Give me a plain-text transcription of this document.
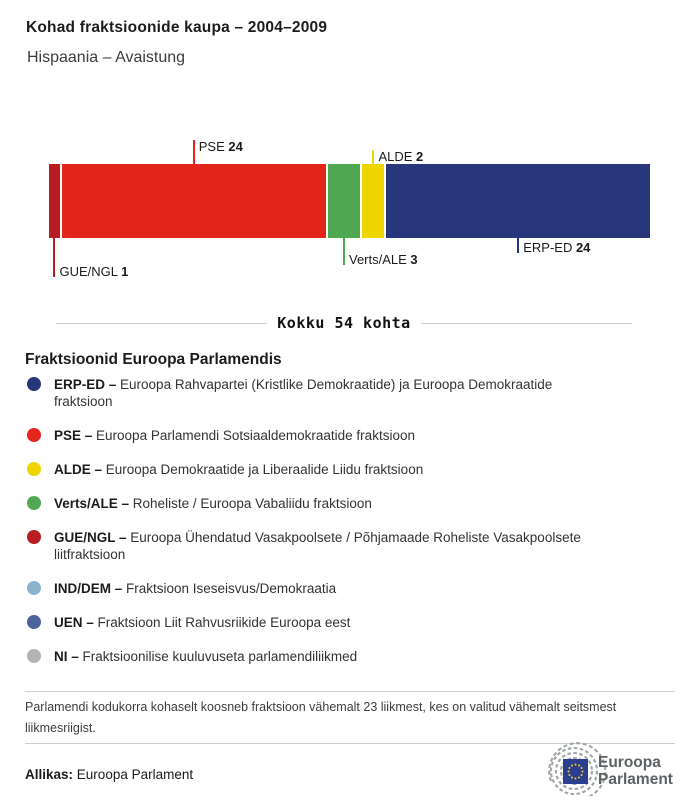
Kohad fraktsioonide kaupa – 2004–2009
Hispaania – Avaistung
GUE/NGL 1
PSE 24
Verts/ALE 3
ALDE 2
ERP-ED 24
Kokku 54 kohta
Fraktsioonid Euroopa Parlamendis
ERP-ED – Euroopa Rahvapartei (Kristlike Demokraatide) ja Euroopa Demokraatide fraktsioon
PSE – Euroopa Parlamendi Sotsiaaldemokraatide fraktsioon
ALDE – Euroopa Demokraatide ja Liberaalide Liidu fraktsioon
Verts/ALE – Roheliste / Euroopa Vabaliidu fraktsioon
GUE/NGL – Euroopa Ühendatud Vasakpoolsete / Põhjamaade Roheliste Vasakpoolsete liitfraktsioon
IND/DEM – Fraktsioon Iseseisvus/Demokraatia
UEN – Fraktsioon Liit Rahvusriikide Euroopa eest
NI – Fraktsioonilise kuuluvuseta parlamendiliikmed
Parlamendi kodukorra kohaselt koosneb fraktsioon vähemalt 23 liikmest, kes on valitud vähemalt seitsmest liikmesriigist.
Allikas: Euroopa Parlament
Euroopa Parlament
